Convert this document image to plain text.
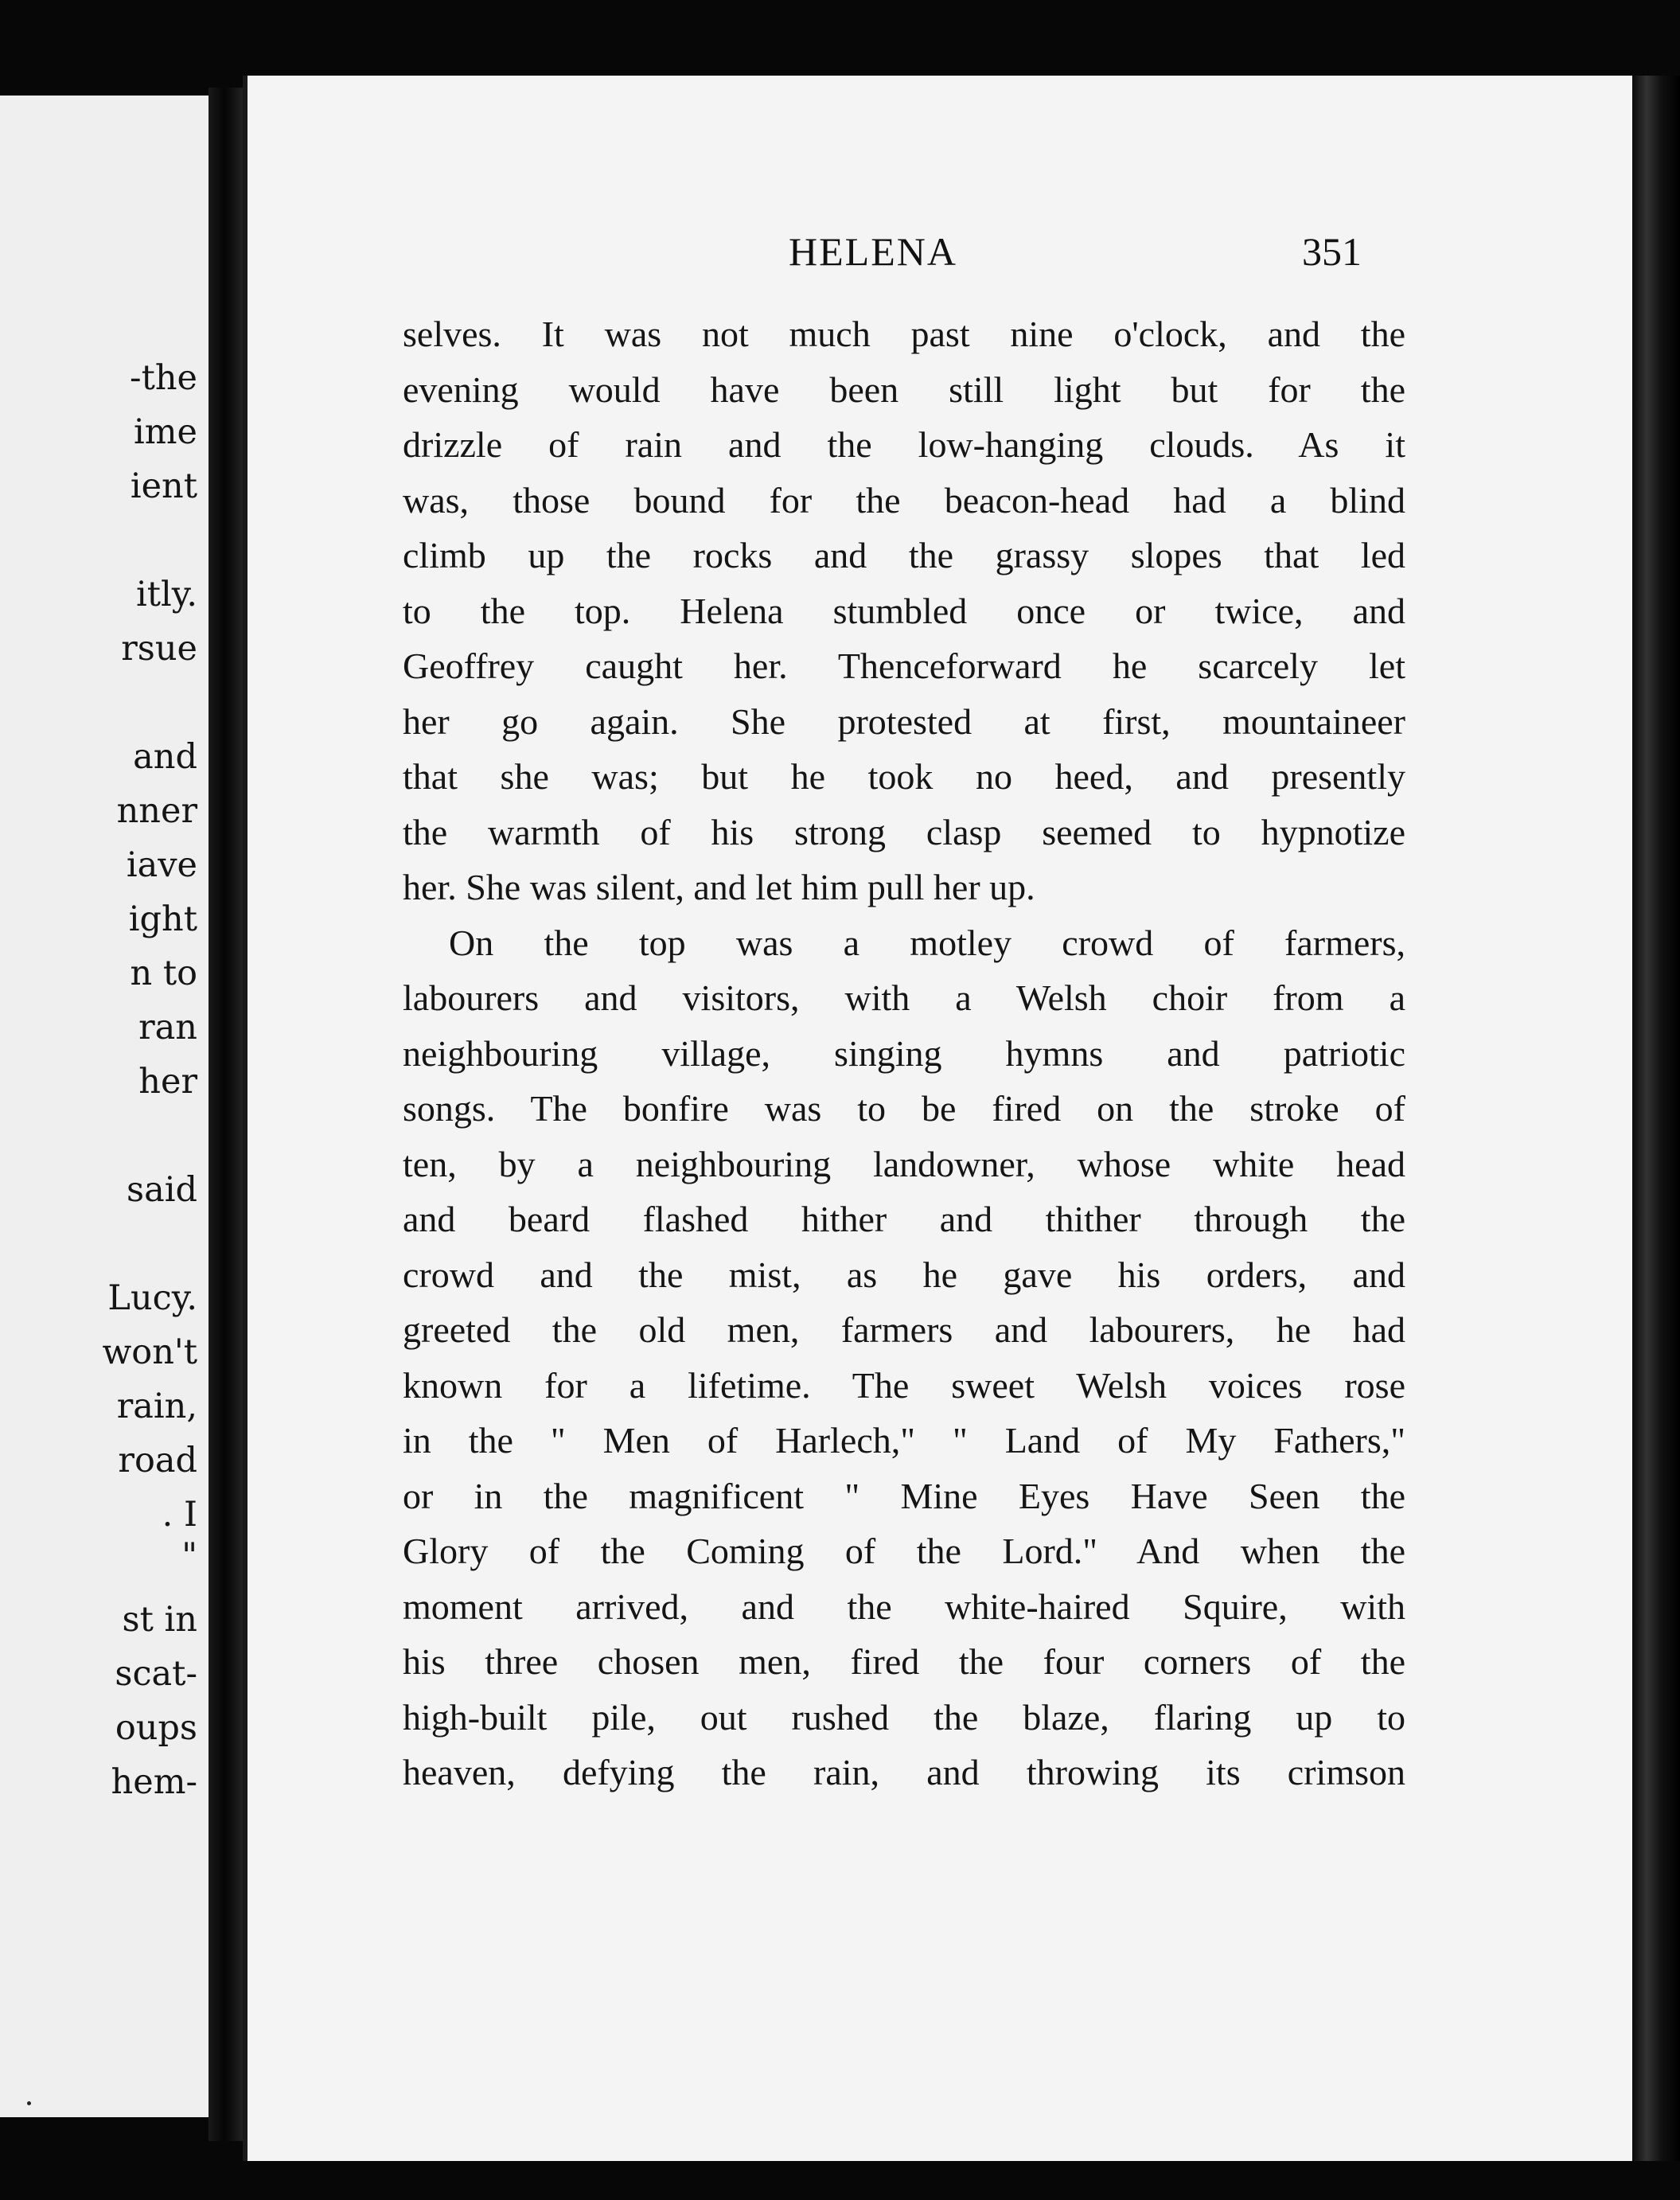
-the
ime
ient
itly.
rsue
and
nner
iave
ight
n to
ran
her
said
Lucy.
won't
rain,
road
. I
"
st in
scat-
oups
hem-
HELENA	351
selves. It was not much past nine o'clock, and the
evening would have been still light but for the
drizzle of rain and the low-hanging clouds. As it
was, those bound for the beacon-head had a blind
climb up the rocks and the grassy slopes that led
to the top. Helena stumbled once or twice, and
Geoffrey caught her. Thenceforward he scarcely let
her go again. She protested at first, mountaineer
that she was; but he took no heed, and presently
the warmth of his strong clasp seemed to hypnotize
her. She was silent, and let him pull her up.
On the top was a motley crowd of farmers,
labourers and visitors, with a Welsh choir from a
neighbouring village, singing hymns and patriotic
songs. The bonfire was to be fired on the stroke of
ten, by a neighbouring landowner, whose white head
and beard flashed hither and thither through the
crowd and the mist, as he gave his orders, and
greeted the old men, farmers and labourers, he had
known for a lifetime. The sweet Welsh voices rose
in the " Men of Harlech," " Land of My Fathers,"
or in the magnificent " Mine Eyes Have Seen the
Glory of the Coming of the Lord." And when the
moment arrived, and the white-haired Squire, with
his three chosen men, fired the four corners of the
high-built pile, out rushed the blaze, flaring up to
heaven, defying the rain, and throwing its crimson
